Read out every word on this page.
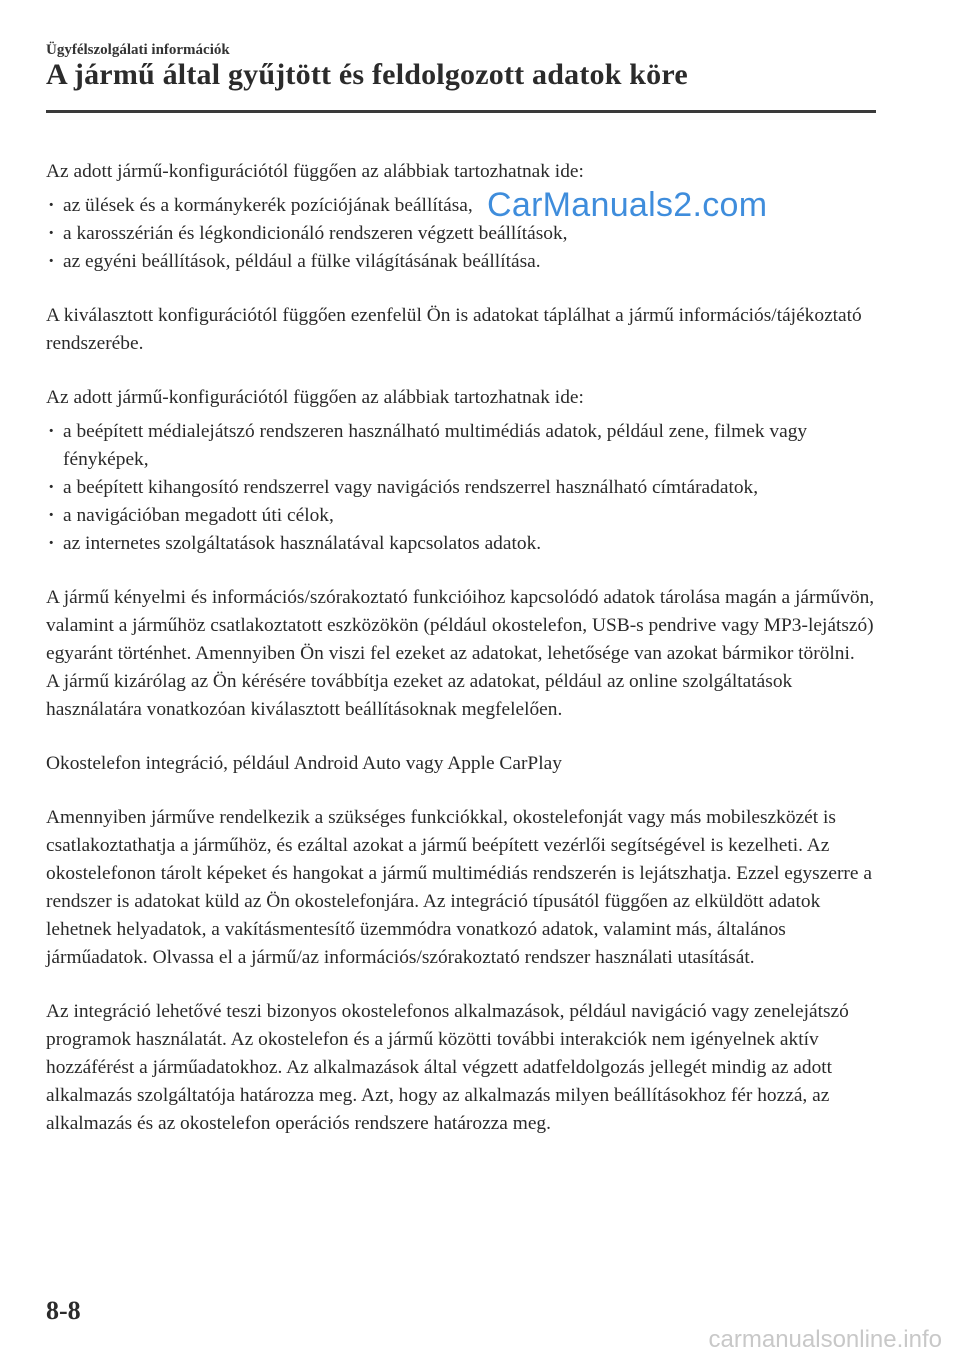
Ügyfélszolgálati információk
A jármű által gyűjtött és feldolgozott adatok köre

Az adott jármű-konfigurációtól függően az alábbiak tartozhatnak ide:

· az ülések és a kormánykerék pozíciójának beállítása,
· a karosszérián és légkondicionáló rendszeren végzett beállítások,
· az egyéni beállítások, például a fülke világításának beállítása.

A kiválasztott konfigurációtól függően ezenfelül Ön is adatokat táplálhat a jármű információs/tájékoztató rendszerébe.

Az adott jármű-konfigurációtól függően az alábbiak tartozhatnak ide:

· a beépített médialejátszó rendszeren használható multimédiás adatok, például zene, filmek vagy fényképek,
· a beépített kihangosító rendszerrel vagy navigációs rendszerrel használható címtáradatok,
· a navigációban megadott úti célok,
· az internetes szolgáltatások használatával kapcsolatos adatok.

A jármű kényelmi és információs/szórakoztató funkcióihoz kapcsolódó adatok tárolása magán a járművön, valamint a járműhöz csatlakoztatott eszközökön (például okostelefon, USB-s pendrive vagy MP3-lejátszó) egyaránt történhet. Amennyiben Ön viszi fel ezeket az adatokat, lehetősége van azokat bármikor törölni.

A jármű kizárólag az Ön kérésére továbbítja ezeket az adatokat, például az online szolgáltatások használatára vonatkozóan kiválasztott beállításoknak megfelelően.

Okostelefon integráció, például Android Auto vagy Apple CarPlay

Amennyiben járműve rendelkezik a szükséges funkciókkal, okostelefonját vagy más mobileszközét is csatlakoztathatja a járműhöz, és ezáltal azokat a jármű beépített vezérlői segítségével is kezelheti. Az okostelefonon tárolt képeket és hangokat a jármű multimédiás rendszerén is lejátszhatja. Ezzel egyszerre a rendszer is adatokat küld az Ön okostelefonjára. Az integráció típusától függően az elküldött adatok lehetnek helyadatok, a vakításmentesítő üzemmódra vonatkozó adatok, valamint más, általános járműadatok. Olvassa el a jármű/az információs/szórakoztató rendszer használati utasítását.

Az integráció lehetővé teszi bizonyos okostelefonos alkalmazások, például navigáció vagy zenelejátszó programok használatát. Az okostelefon és a jármű közötti további interakciók nem igényelnek aktív hozzáférést a járműadatokhoz. Az alkalmazások által végzett adatfeldolgozás jellegét mindig az adott alkalmazás szolgáltatója határozza meg. Azt, hogy az alkalmazás milyen beállításokhoz fér hozzá, az alkalmazás és az okostelefon operációs rendszere határozza meg.

CarManuals2.com
8-8
carmanualsonline.info
